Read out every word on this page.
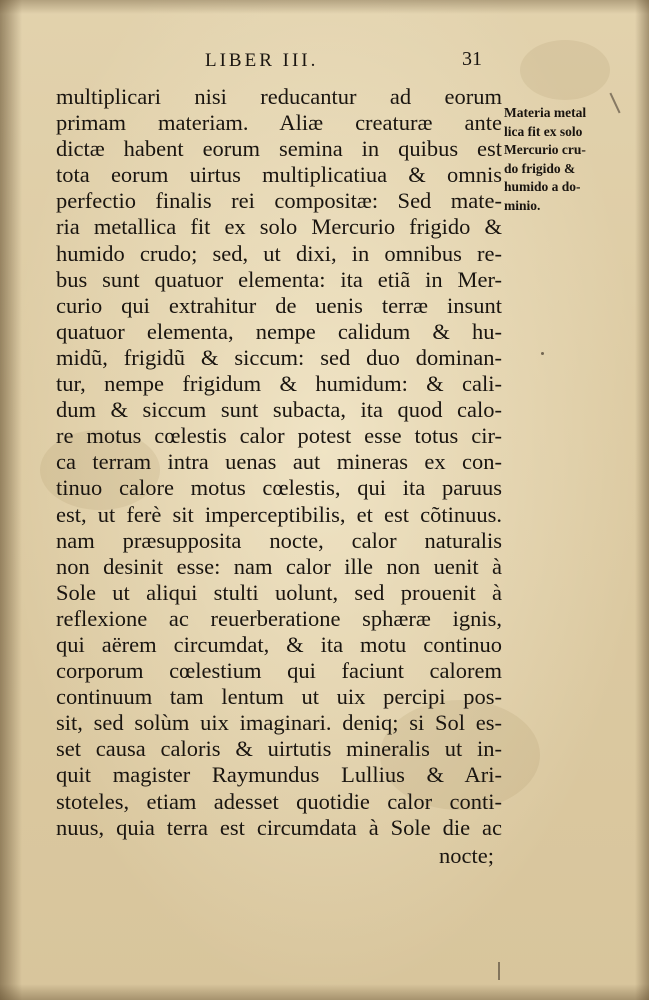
LIBER III.	31
multiplicari nisi reducantur ad eorum
primam materiam. Aliæ creaturæ ante
dictæ habent eorum semina in quibus est
tota eorum uirtus multiplicatiua & omnis
perfectio finalis rei compositæ: Sed mate-
ria metallica fit ex solo Mercurio frigido &
humido crudo; sed, ut dixi, in omnibus re-
bus sunt quatuor elementa: ita etiã in Mer-
curio qui extrahitur de uenis terræ insunt
quatuor elementa, nempe calidum & hu-
midũ, frigidũ & siccum: sed duo dominan-
tur, nempe frigidum & humidum: & cali-
dum & siccum sunt subacta, ita quod calo-
re motus cœlestis calor potest esse totus cir-
ca terram intra uenas aut mineras ex con-
tinuo calore motus cœlestis, qui ita paruus
est, ut ferè sit imperceptibilis, et est cõtinuus.
nam præsupposita nocte, calor naturalis
non desinit esse: nam calor ille non uenit à
Sole ut aliqui stulti uolunt, sed prouenit à
reflexione ac reuerberatione sphæræ ignis,
qui aërem circumdat, & ita motu continuo
corporum cœlestium qui faciunt calorem
continuum tam lentum ut uix percipi pos-
sit, sed solùm uix imaginari. deniq; si Sol es-
set causa caloris & uirtutis mineralis ut in-
quit magister Raymundus Lullius & Ari-
stoteles, etiam adesset quotidie calor conti-
nuus, quia terra est circumdata à Sole die ac
nocte;
Materia metal
lica fit ex solo
Mercurio cru-
do frigido &
humido a do-
minio.
